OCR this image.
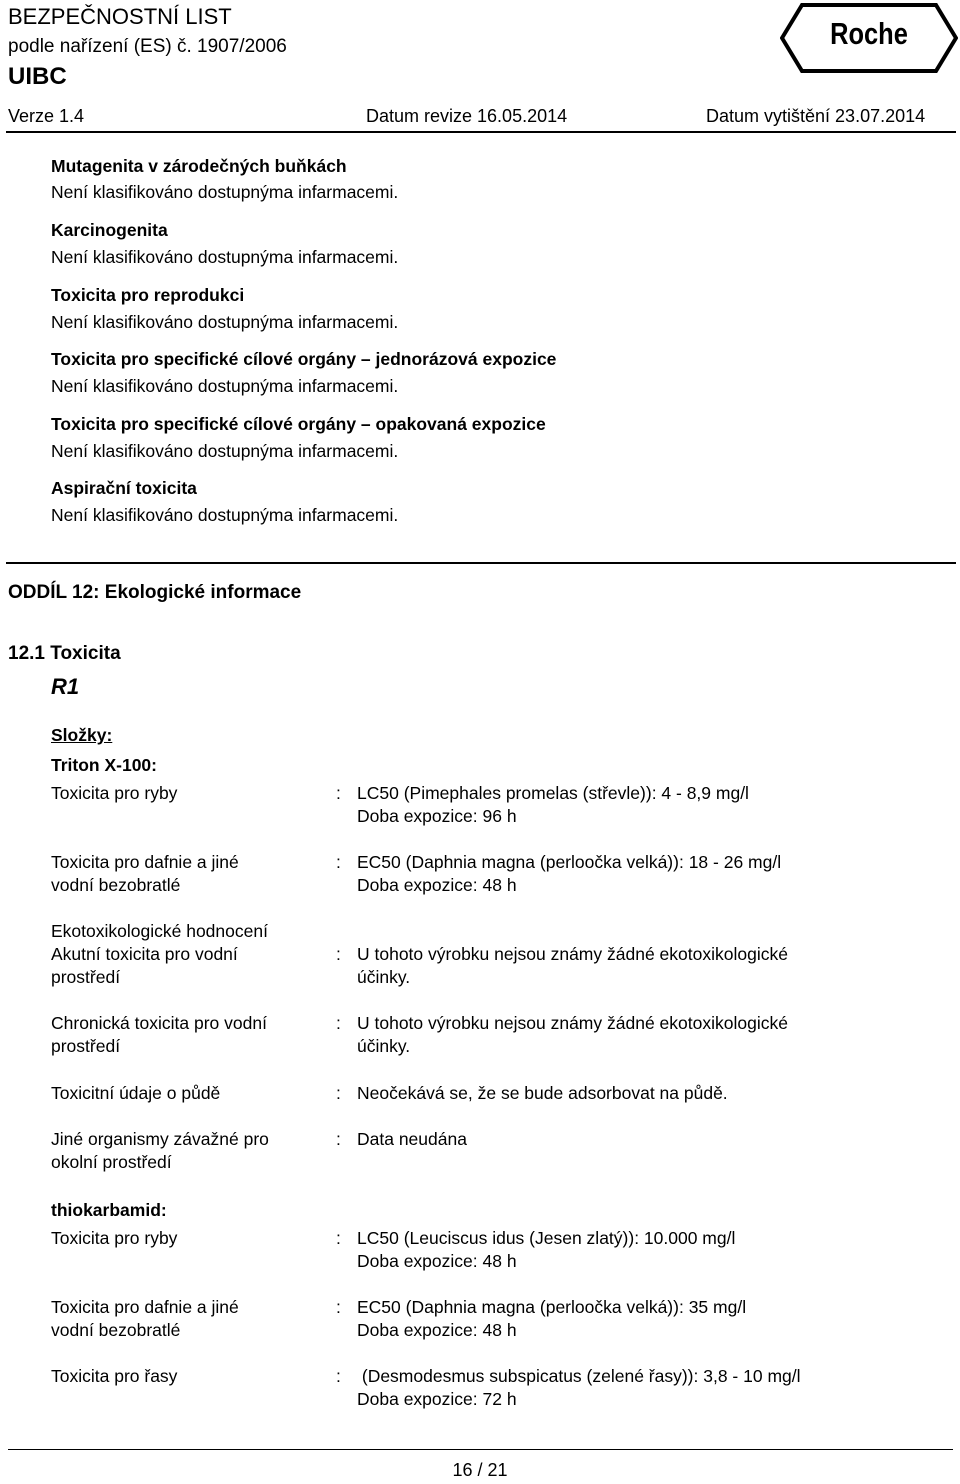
BEZPEČNOSTNÍ LIST
podle nařízení (ES) č. 1907/2006
UIBC
Verze 1.4	Datum revize 16.05.2014	Datum vytištění 23.07.2014
Roche
Mutagenita v zárodečných buňkách
Není klasifikováno dostupnýma infarmacemi.
Karcinogenita
Není klasifikováno dostupnýma infarmacemi.
Toxicita pro reprodukci
Není klasifikováno dostupnýma infarmacemi.
Toxicita pro specifické cílové orgány – jednorázová expozice
Není klasifikováno dostupnýma infarmacemi.
Toxicita pro specifické cílové orgány – opakovaná expozice
Není klasifikováno dostupnýma infarmacemi.
Aspirační toxicita
Není klasifikováno dostupnýma infarmacemi.
ODDÍL 12: Ekologické informace
12.1 Toxicita
R1
Složky:
Triton X-100:
Toxicita pro ryby	: LC50 (Pimephales promelas (střevle)): 4 - 8,9 mg/l
Doba expozice: 96 h
Toxicita pro dafnie a jiné
vodní bezobratlé
: EC50 (Daphnia magna (perloočka velká)): 18 - 26 mg/l
Doba expozice: 48 h
Ekotoxikologické hodnocení
Akutní toxicita pro vodní
prostředí
: U tohoto výrobku nejsou známy žádné ekotoxikologické
účinky.
Chronická toxicita pro vodní
prostředí
: U tohoto výrobku nejsou známy žádné ekotoxikologické
účinky.
Toxicitní údaje o půdě	: Neočekává se, že se bude adsorbovat na půdě.
Jiné organismy závažné pro
okolní prostředí
: Data neudána
thiokarbamid:
Toxicita pro ryby	: LC50 (Leuciscus idus (Jesen zlatý)): 10.000 mg/l
Doba expozice: 48 h
Toxicita pro dafnie a jiné
vodní bezobratlé
: EC50 (Daphnia magna (perloočka velká)): 35 mg/l
Doba expozice: 48 h
Toxicita pro řasy	: (Desmodesmus subspicatus (zelené řasy)): 3,8 - 10 mg/l
Doba expozice: 72 h
16 / 21
